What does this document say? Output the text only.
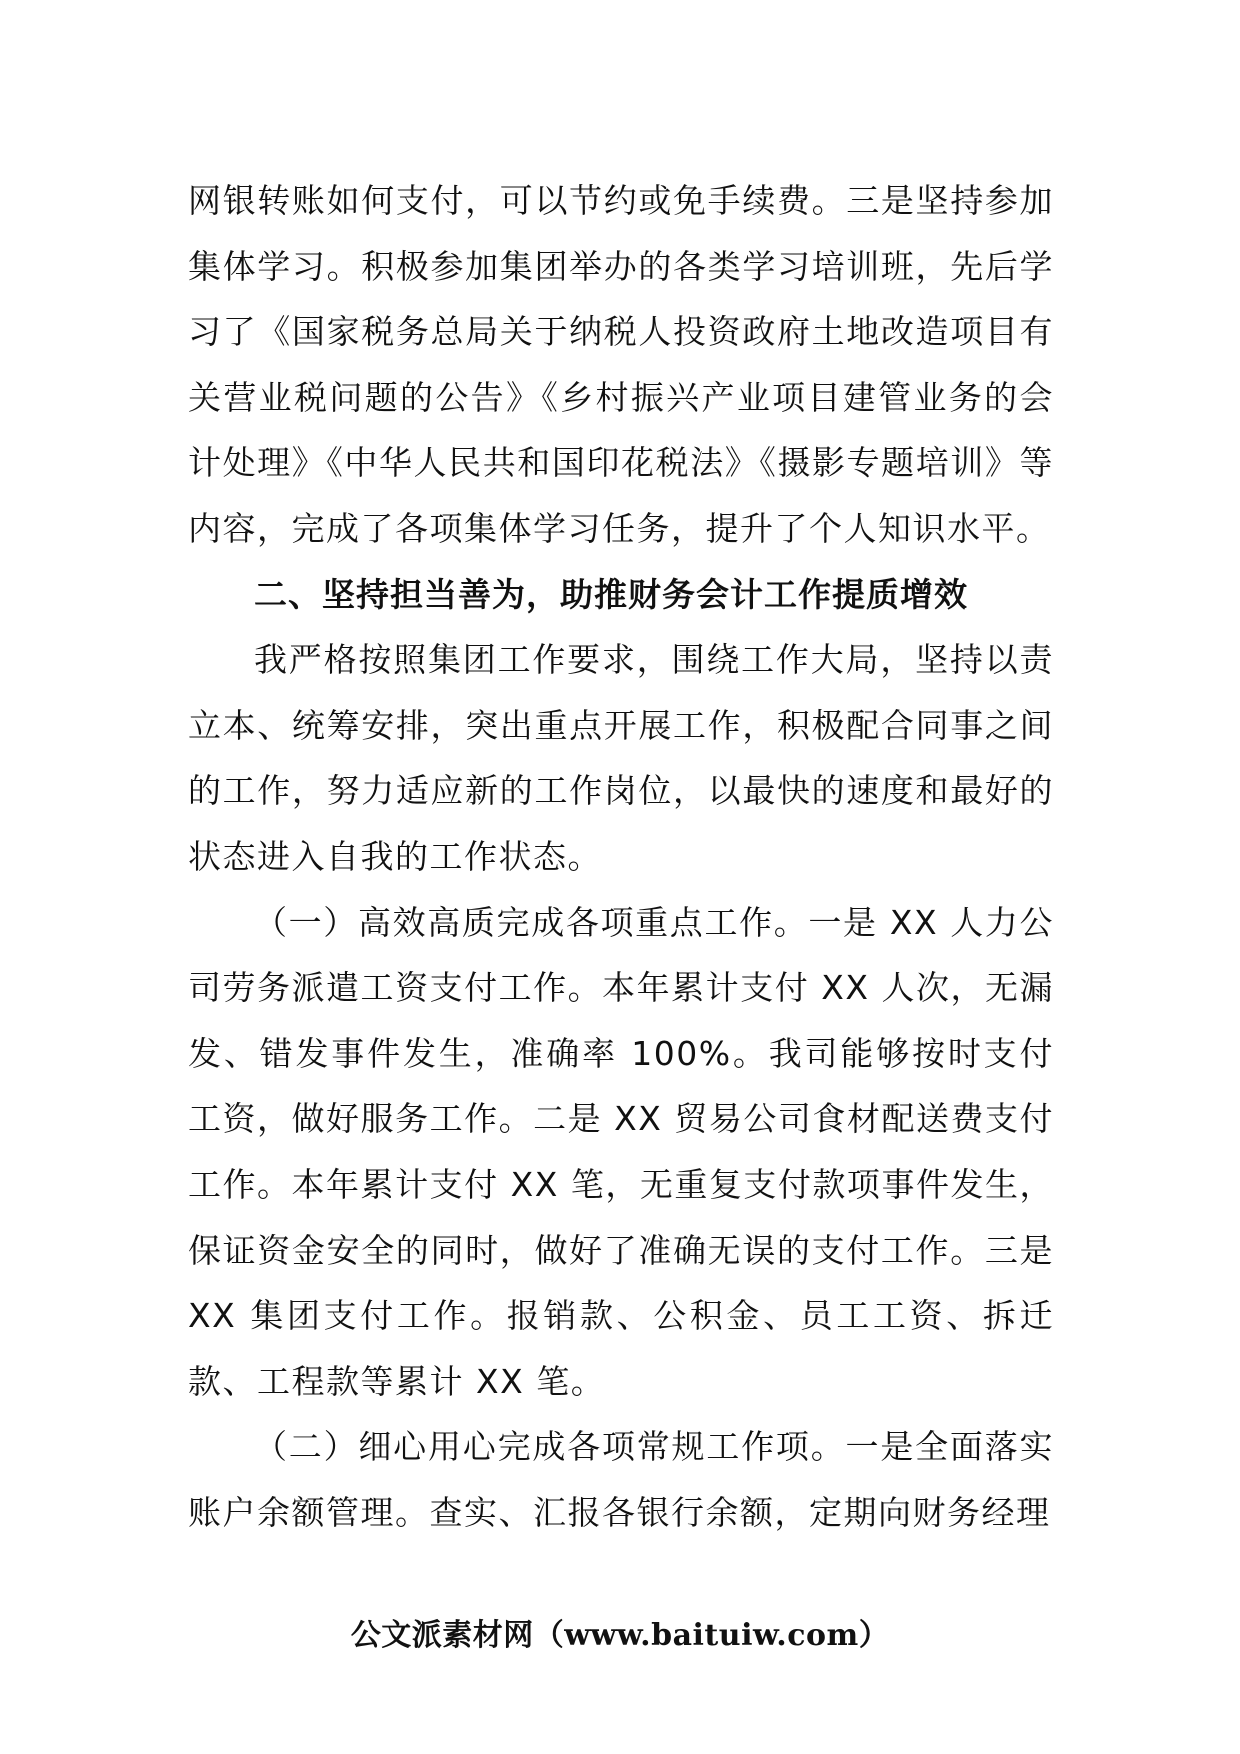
网银转账如何支付，可以节约或免手续费。三是坚持参加集体学习。积极参加集团举办的各类学习培训班，先后学习了《国家税务总局关于纳税人投资政府土地改造项目有关营业税问题的公告》《乡村振兴产业项目建管业务的会计处理》《中华人民共和国印花税法》《摄影专题培训》等内容，完成了各项集体学习任务，提升了个人知识水平。

二、坚持担当善为，助推财务会计工作提质增效

我严格按照集团工作要求，围绕工作大局，坚持以责立本、统筹安排，突出重点开展工作，积极配合同事之间的工作，努力适应新的工作岗位，以最快的速度和最好的状态进入自我的工作状态。

（一）高效高质完成各项重点工作。一是 XX 人力公司劳务派遣工资支付工作。本年累计支付 XX 人次，无漏发、错发事件发生，准确率 100%。我司能够按时支付工资，做好服务工作。二是 XX 贸易公司食材配送费支付工作。本年累计支付 XX 笔，无重复支付款项事件发生，保证资金安全的同时，做好了准确无误的支付工作。三是 XX 集团支付工作。报销款、公积金、员工工资、拆迁款、工程款等累计 XX 笔。

（二）细心用心完成各项常规工作项。一是全面落实账户余额管理。查实、汇报各银行余额，定期向财务经理

公文派素材网（www.baituiw.com）
